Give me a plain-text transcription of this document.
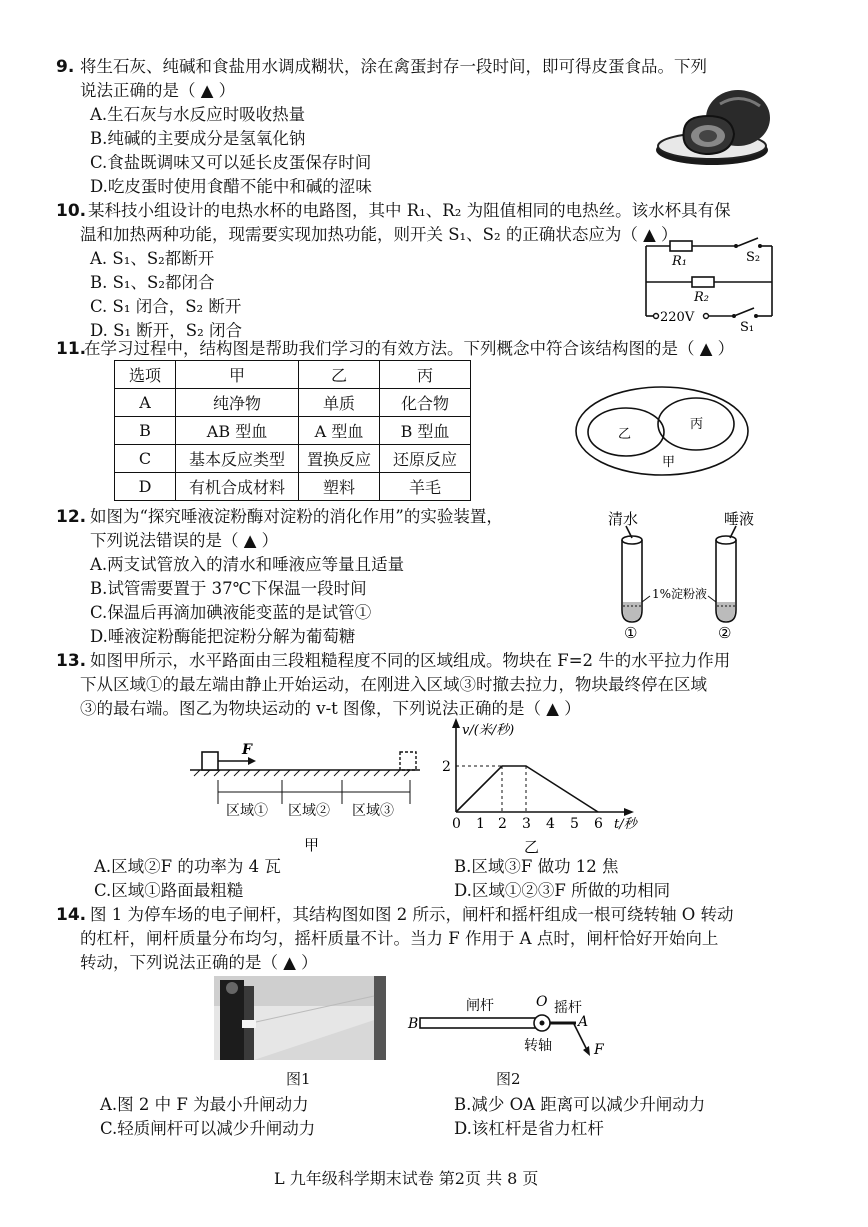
9. 将生石灰、纯碱和食盐用水调成糊状，涂在禽蛋封存一段时间，即可得皮蛋食品。下列
说法正确的是（ ▲ ）
A.生石灰与水反应时吸收热量
B.纯碱的主要成分是氢氧化钠
C.食盐既调味又可以延长皮蛋保存时间
D.吃皮蛋时使用食醋不能中和碱的涩味
10. 某科技小组设计的电热水杯的电路图，其中 R₁、R₂ 为阻值相同的电热丝。该水杯具有保
温和加热两种功能，现需要实现加热功能，则开关 S₁、S₂ 的正确状态应为（ ▲ ）
A. S₁、S₂都断开
B. S₁、S₂都闭合
C. S₁ 闭合，S₂ 断开
D. S₁ 断开，S₂ 闭合
R₁	S₂
R₂
220V
S₁
11.
在学习过程中，结构图是帮助我们学习的有效方法。下列概念中符合该结构图的是（ ▲ ）
选项	甲	乙	丙
A	纯净物	单质	化合物
B	AB 型血	A 型血	B 型血
C	基本反应类型	置换反应	还原反应
D	有机合成材料	塑料	羊毛
乙
丙
甲
12. 如图为“探究唾液淀粉酶对淀粉的消化作用”的实验装置，
下列说法错误的是（ ▲ ）
A.两支试管放入的清水和唾液应等量且适量
B.试管需要置于 37℃下保温一段时间
C.保温后再滴加碘液能变蓝的是试管①
D.唾液淀粉酶能把淀粉分解为葡萄糖
清水	唾液
1%淀粉液
①	②
13. 如图甲所示，水平路面由三段粗糙程度不同的区域组成。物块在 F=2 牛的水平拉力作用
下从区域①的最左端由静止开始运动，在刚进入区域③时撤去拉力，物块最终停在区域
③的最右端。图乙为物块运动的 v-t 图像，下列说法正确的是（ ▲ ）
F
区域① 区域② 区域③
甲
v/(米/秒)
2
0 1 2 3 4 5 6 t/秒
乙
A.区域②F 的功率为 4 瓦	B.区域③F 做功 12 焦
C.区域①路面最粗糙	D.区域①②③F 所做的功相同
14. 图 1 为停车场的电子闸杆，其结构图如图 2 所示，闸杆和摇杆组成一根可绕转轴 O 转动
的杠杆，闸杆质量分布均匀，摇杆质量不计。当力 F 作用于 A 点时，闸杆恰好开始向上
转动，下列说法正确的是（ ▲ ）
B
O
A
F
闸杆	摇杆
转轴
图1	图2
A.图 2 中 F 为最小升闸动力	B.减少 OA 距离可以减少升闸动力
C.轻质闸杆可以减少升闸动力	D.该杠杆是省力杠杆
L 九年级科学期末试卷 第2页 共 8 页
